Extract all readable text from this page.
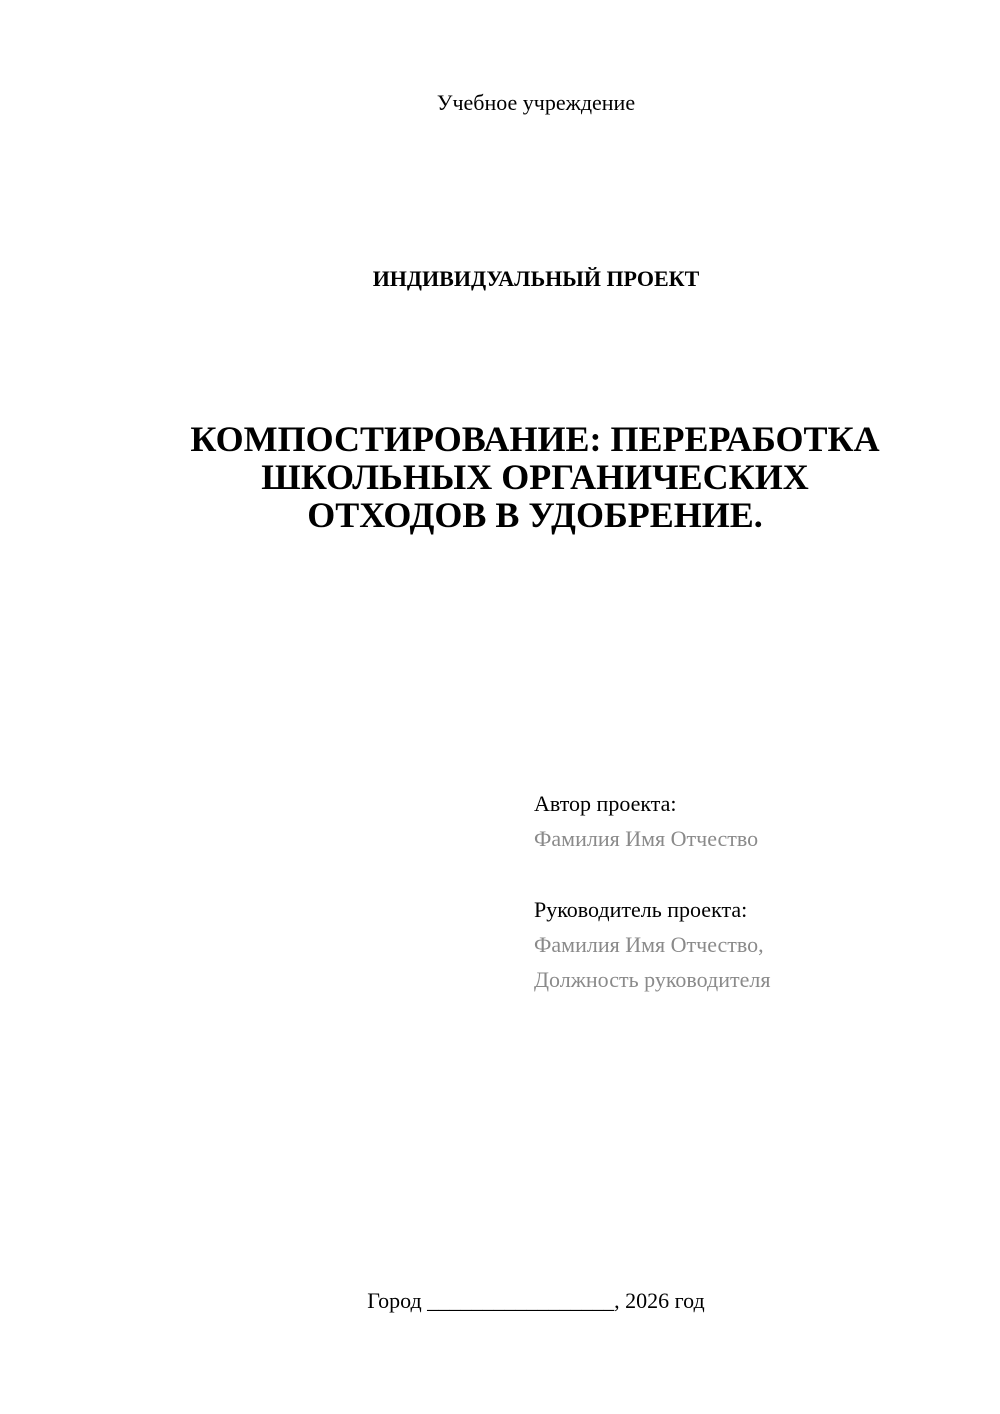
Учебное учреждение
ИНДИВИДУАЛЬНЫЙ ПРОЕКТ
КОМПОСТИРОВАНИЕ: ПЕРЕРАБОТКА
ШКОЛЬНЫХ ОРГАНИЧЕСКИХ
ОТХОДОВ В УДОБРЕНИЕ.
Автор проекта:
Фамилия Имя Отчество
Руководитель проекта:
Фамилия Имя Отчество,
Должность руководителя
Город _________________, 2026 год
